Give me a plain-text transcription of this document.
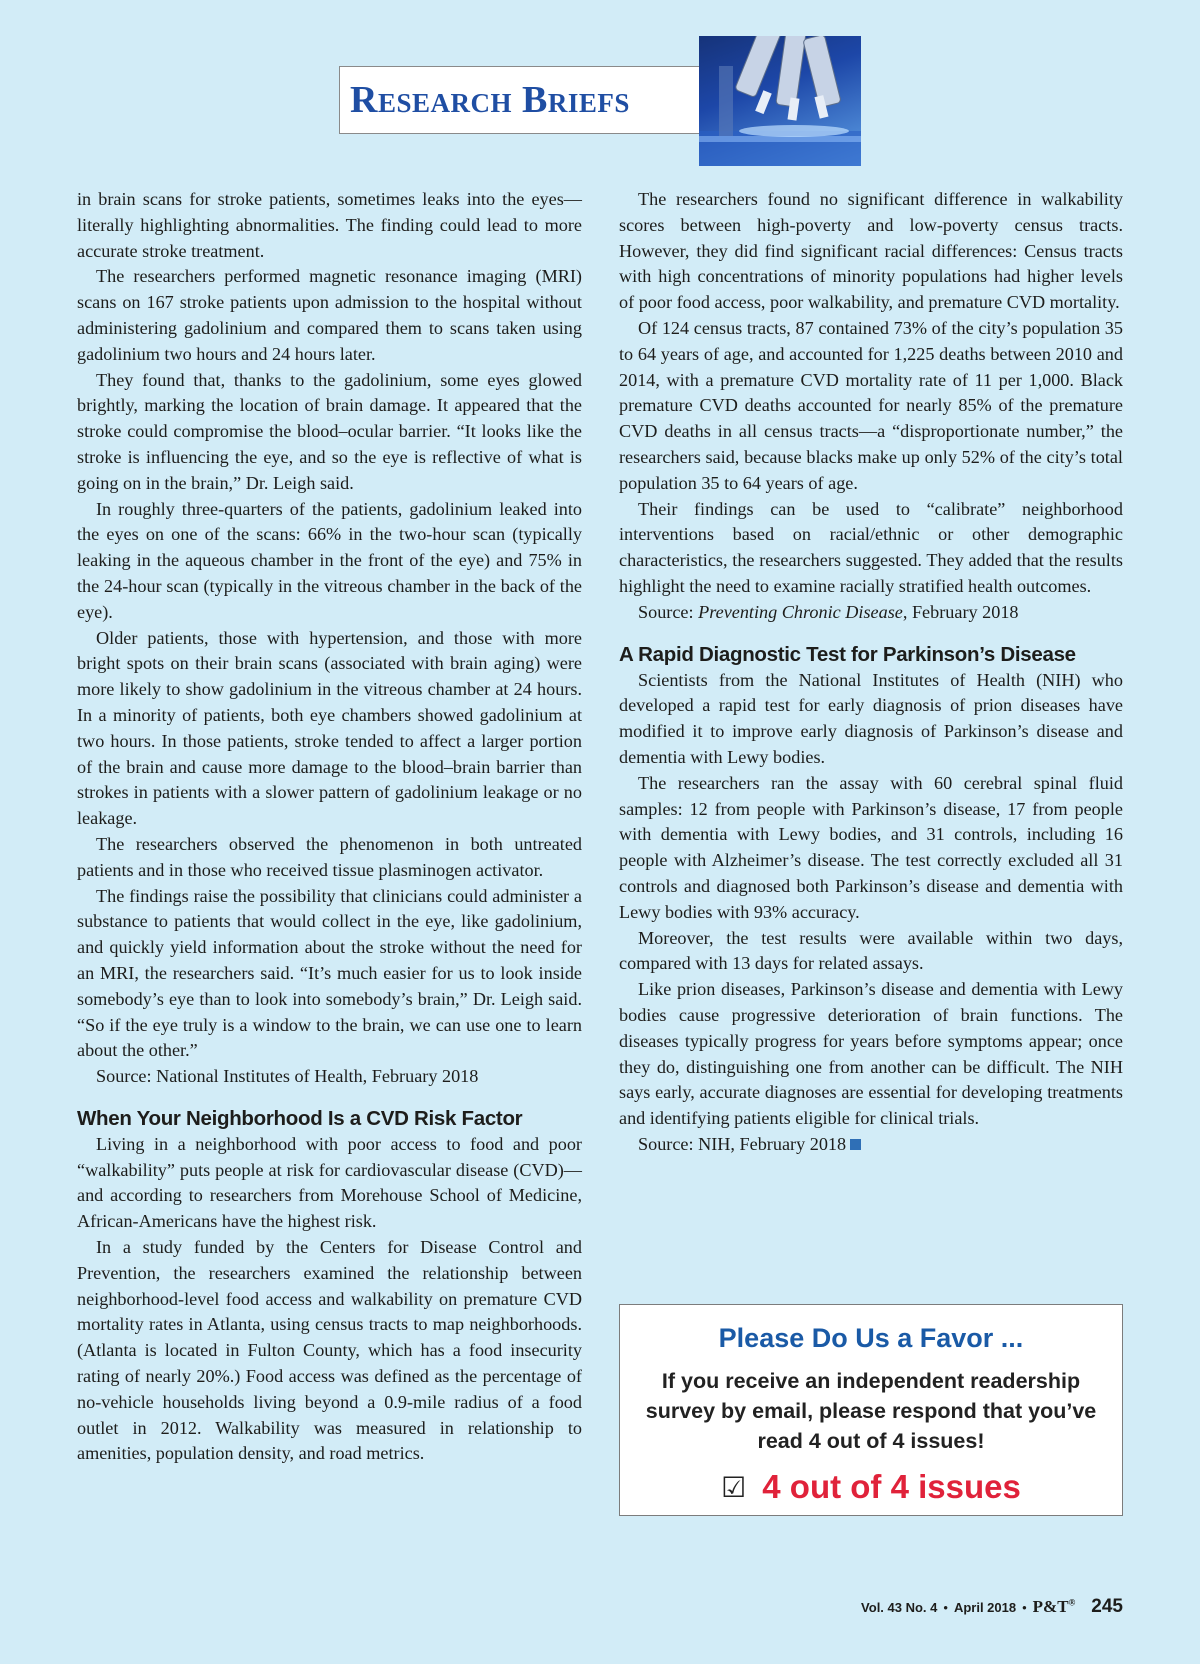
Research Briefs

in brain scans for stroke patients, sometimes leaks into the eyes—literally highlighting abnormalities. The finding could lead to more accurate stroke treatment.

The researchers performed magnetic resonance imaging (MRI) scans on 167 stroke patients upon admission to the hospital without administering gadolinium and compared them to scans taken using gadolinium two hours and 24 hours later.

They found that, thanks to the gadolinium, some eyes glowed brightly, marking the location of brain damage. It appeared that the stroke could compromise the blood–ocular barrier. “It looks like the stroke is influencing the eye, and so the eye is reflective of what is going on in the brain,” Dr. Leigh said.

In roughly three-quarters of the patients, gadolinium leaked into the eyes on one of the scans: 66% in the two-hour scan (typically leaking in the aqueous chamber in the front of the eye) and 75% in the 24-hour scan (typically in the vitreous chamber in the back of the eye).

Older patients, those with hypertension, and those with more bright spots on their brain scans (associated with brain aging) were more likely to show gadolinium in the vitreous chamber at 24 hours. In a minority of patients, both eye chambers showed gadolinium at two hours. In those patients, stroke tended to affect a larger portion of the brain and cause more damage to the blood–brain barrier than strokes in patients with a slower pattern of gadolinium leakage or no leakage.

The researchers observed the phenomenon in both untreated patients and in those who received tissue plasminogen activator.

The findings raise the possibility that clinicians could administer a substance to patients that would collect in the eye, like gadolinium, and quickly yield information about the stroke without the need for an MRI, the researchers said. “It’s much easier for us to look inside somebody’s eye than to look into somebody’s brain,” Dr. Leigh said. “So if the eye truly is a window to the brain, we can use one to learn about the other.”

Source: National Institutes of Health, February 2018

When Your Neighborhood Is a CVD Risk Factor

Living in a neighborhood with poor access to food and poor “walkability” puts people at risk for cardiovascular disease (CVD)—and according to researchers from Morehouse School of Medicine, African-Americans have the highest risk.

In a study funded by the Centers for Disease Control and Prevention, the researchers examined the relationship between neighborhood-level food access and walkability on premature CVD mortality rates in Atlanta, using census tracts to map neighborhoods. (Atlanta is located in Fulton County, which has a food insecurity rating of nearly 20%.) Food access was defined as the percentage of no-vehicle households living beyond a 0.9-mile radius of a food outlet in 2012. Walkability was measured in relationship to amenities, population density, and road metrics.

The researchers found no significant difference in walkability scores between high-poverty and low-poverty census tracts. However, they did find significant racial differences: Census tracts with high concentrations of minority populations had higher levels of poor food access, poor walkability, and premature CVD mortality.

Of 124 census tracts, 87 contained 73% of the city’s population 35 to 64 years of age, and accounted for 1,225 deaths between 2010 and 2014, with a premature CVD mortality rate of 11 per 1,000. Black premature CVD deaths accounted for nearly 85% of the premature CVD deaths in all census tracts—a “disproportionate number,” the researchers said, because blacks make up only 52% of the city’s total population 35 to 64 years of age.

Their findings can be used to “calibrate” neighborhood interventions based on racial/ethnic or other demographic characteristics, the researchers suggested. They added that the results highlight the need to examine racially stratified health outcomes.

Source: Preventing Chronic Disease, February 2018

A Rapid Diagnostic Test for Parkinson’s Disease

Scientists from the National Institutes of Health (NIH) who developed a rapid test for early diagnosis of prion diseases have modified it to improve early diagnosis of Parkinson’s disease and dementia with Lewy bodies.

The researchers ran the assay with 60 cerebral spinal fluid samples: 12 from people with Parkinson’s disease, 17 from people with dementia with Lewy bodies, and 31 controls, including 16 people with Alzheimer’s disease. The test correctly excluded all 31 controls and diagnosed both Parkinson’s disease and dementia with Lewy bodies with 93% accuracy.

Moreover, the test results were available within two days, compared with 13 days for related assays.

Like prion diseases, Parkinson’s disease and dementia with Lewy bodies cause progressive deterioration of brain functions. The diseases typically progress for years before symptoms appear; once they do, distinguishing one from another can be difficult. The NIH says early, accurate diagnoses are essential for developing treatments and identifying patients eligible for clinical trials.

Source: NIH, February 2018

Please Do Us a Favor ...
If you receive an independent readership survey by email, please respond that you’ve read 4 out of 4 issues!
☑ 4 out of 4 issues
Vol. 43 No. 4 • April 2018 • P&T® 245
